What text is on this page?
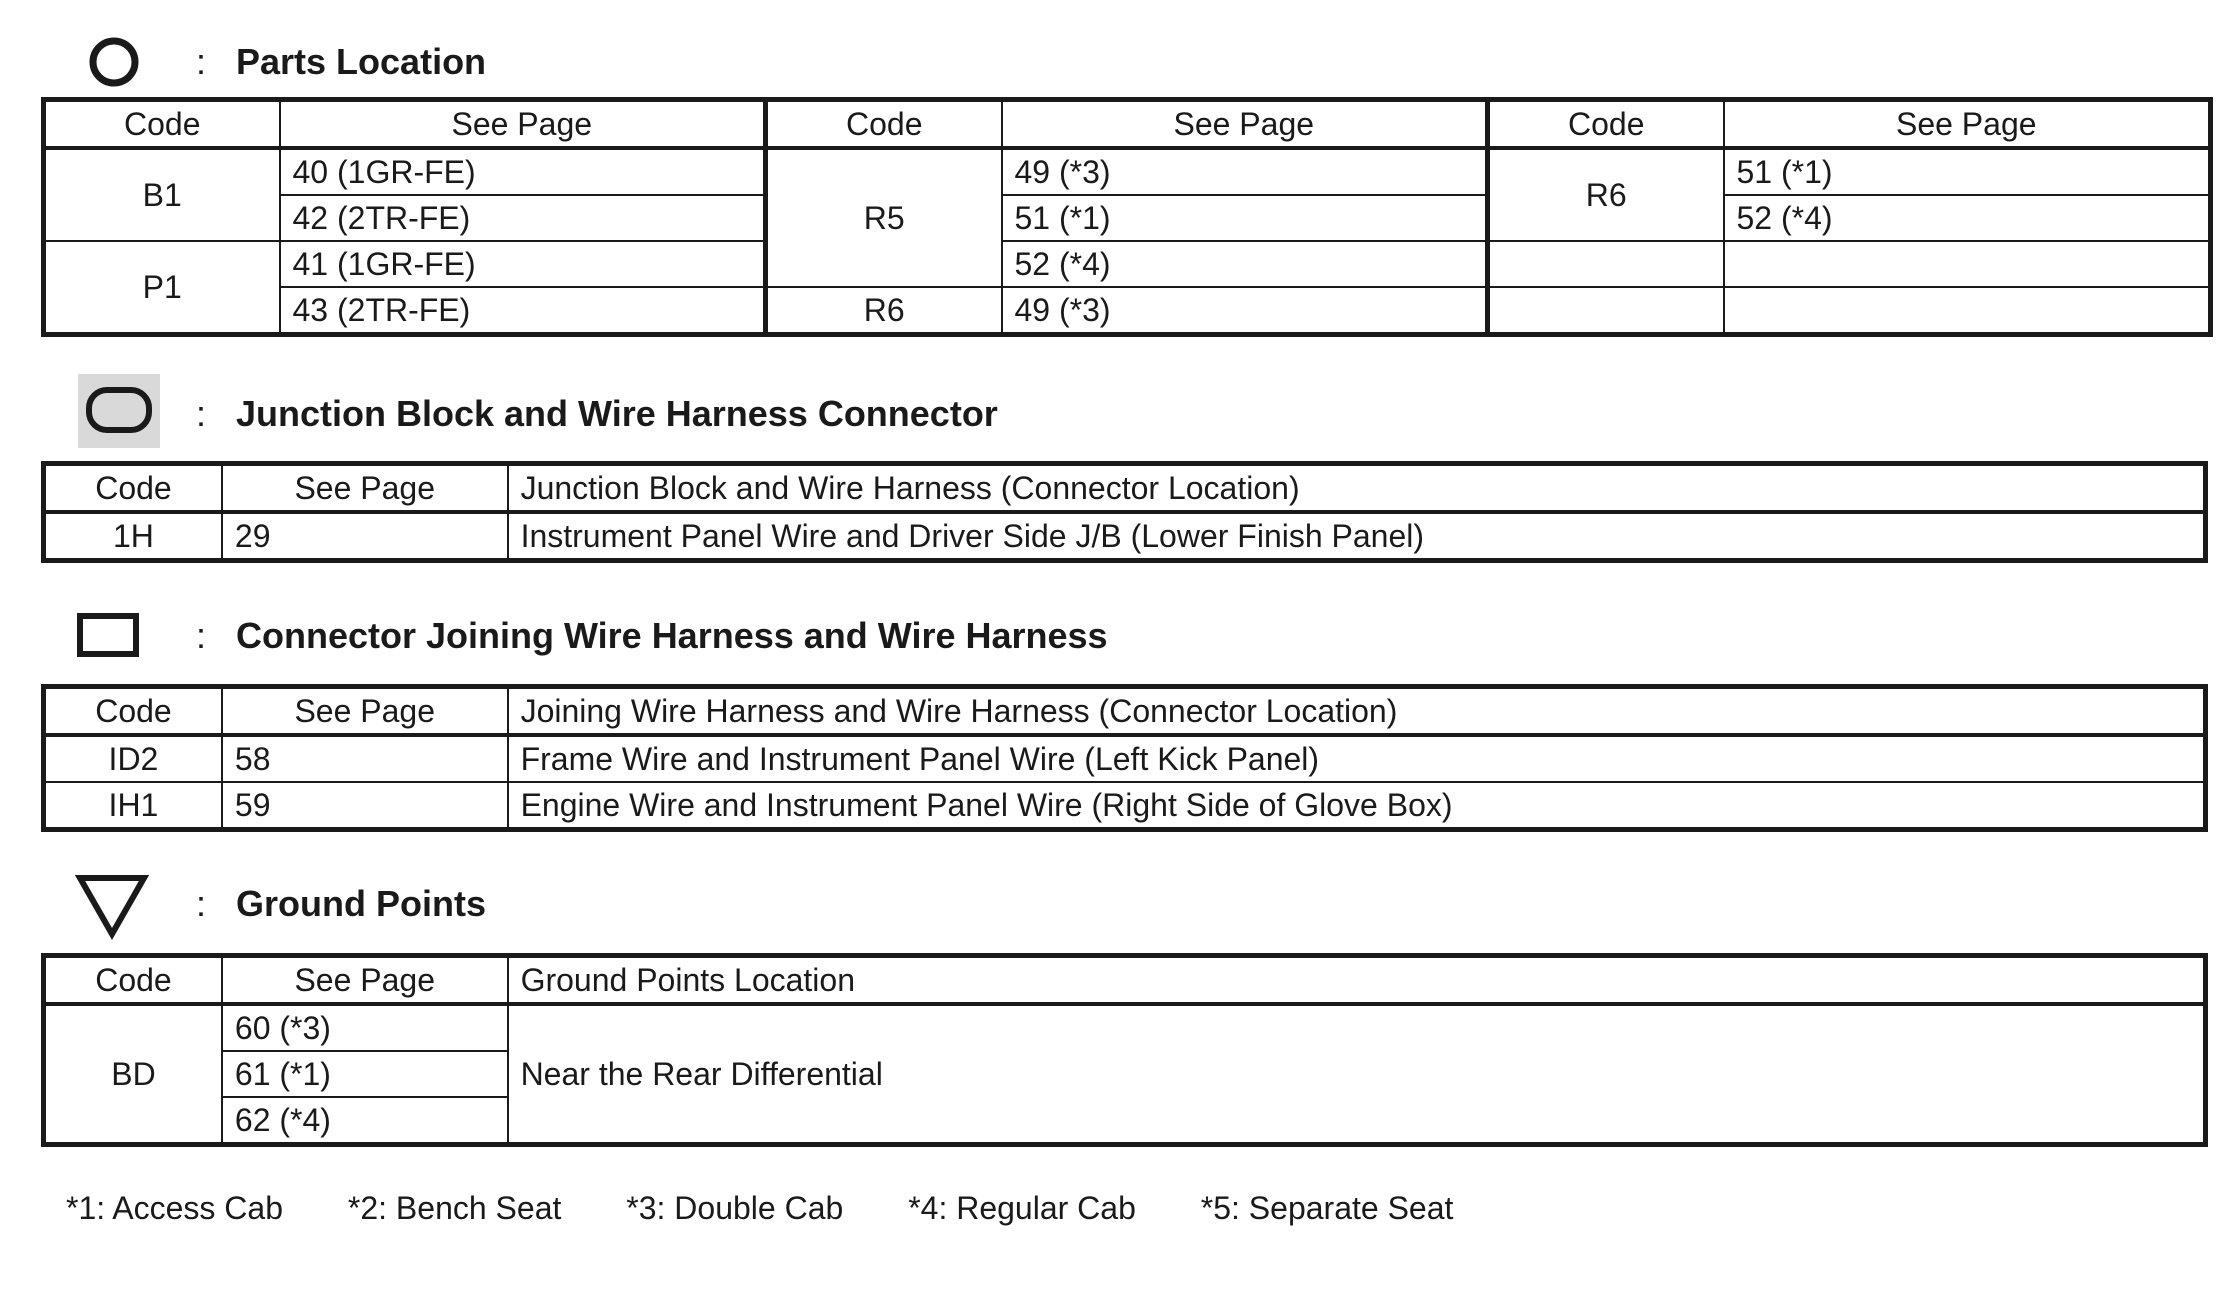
: Parts Location
Code	See Page	Code	See Page	Code	See Page
B1	40 (1GR-FE)	R5	49 (*3)	R6	51 (*1)
	42 (2TR-FE)		51 (*1)		52 (*4)
P1	41 (1GR-FE)		52 (*4)		
	43 (2TR-FE)	R6	49 (*3)		
: Junction Block and Wire Harness Connector
Code	See Page	Junction Block and Wire Harness (Connector Location)
1H	29	Instrument Panel Wire and Driver Side J/B (Lower Finish Panel)
: Connector Joining Wire Harness and Wire Harness
Code	See Page	Joining Wire Harness and Wire Harness (Connector Location)
ID2	58	Frame Wire and Instrument Panel Wire (Left Kick Panel)
IH1	59	Engine Wire and Instrument Panel Wire (Right Side of Glove Box)
: Ground Points
Code	See Page	Ground Points Location
BD	60 (*3)	Near the Rear Differential
	61 (*1)	
	62 (*4)	
*1: Access Cab *2: Bench Seat *3: Double Cab *4: Regular Cab *5: Separate Seat
